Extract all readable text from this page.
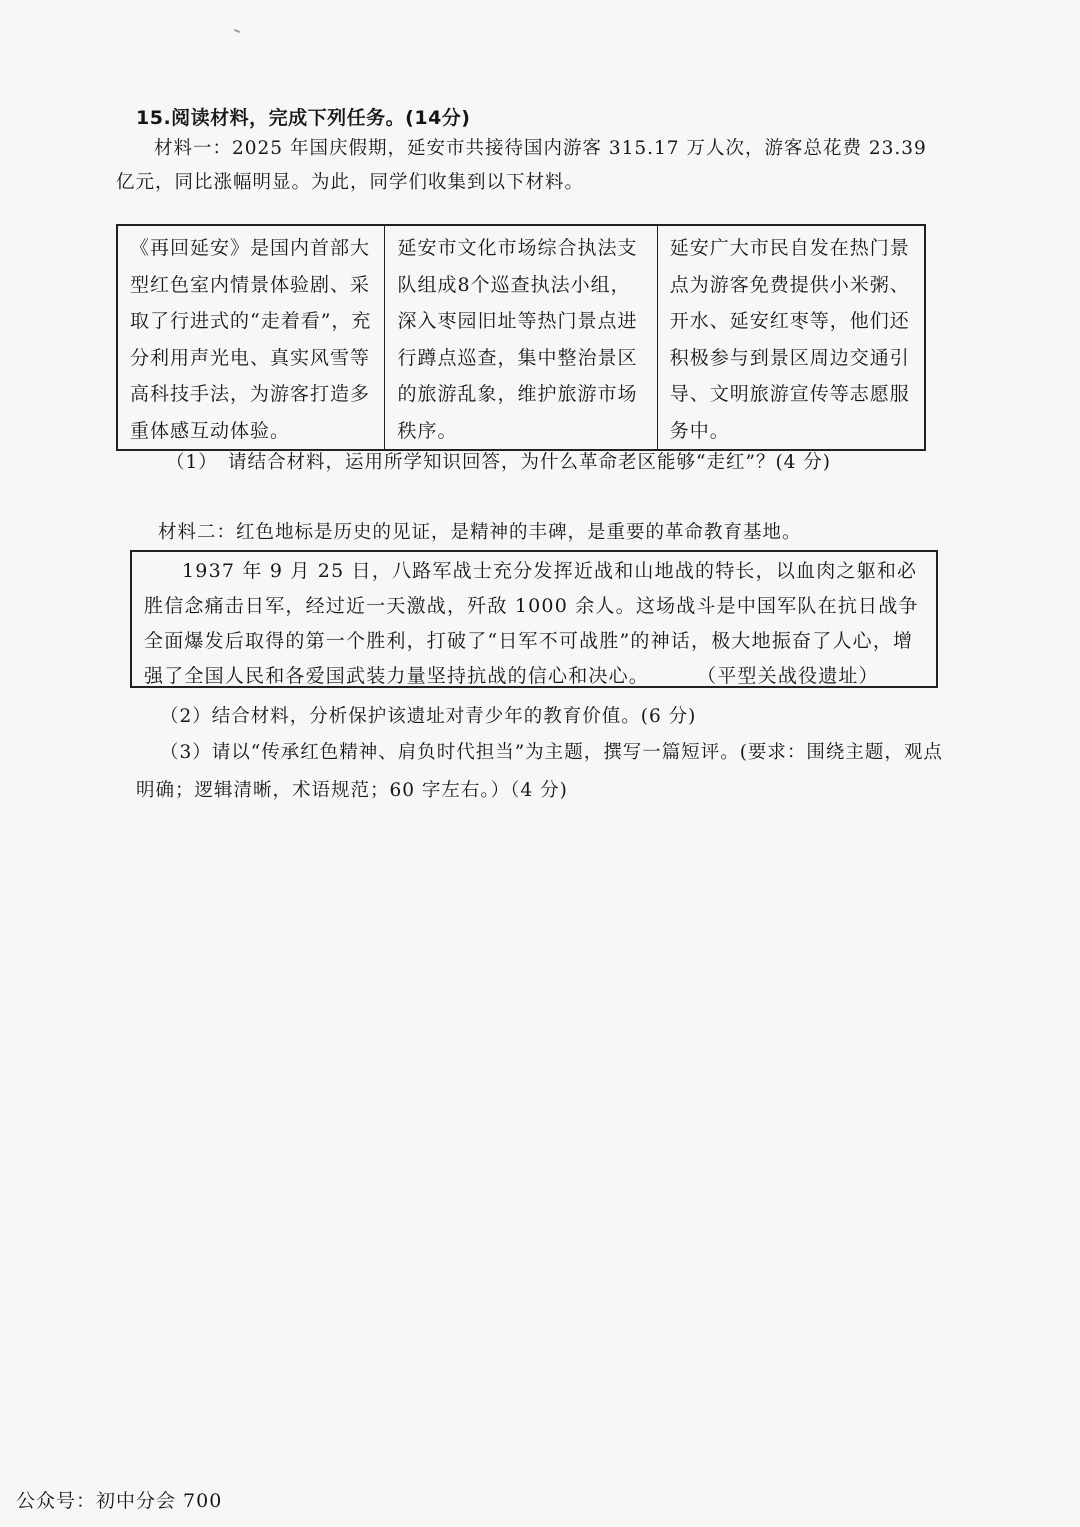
15.阅读材料，完成下列任务。(14分)
材料一：2025 年国庆假期，延安市共接待国内游客 315.17 万人次，游客总花费 23.39 亿元，同比涨幅明显。为此，同学们收集到以下材料。
《再回延安》是国内首部大型红色室内情景体验剧、采取了行进式的“走着看”，充分利用声光电、真实风雪等高科技手法，为游客打造多重体感互动体验。	延安市文化市场综合执法支队组成8个巡查执法小组，深入枣园旧址等热门景点进行蹲点巡查，集中整治景区的旅游乱象，维护旅游市场秩序。	延安广大市民自发在热门景点为游客免费提供小米粥、开水、延安红枣等，他们还积极参与到景区周边交通引导、文明旅游宣传等志愿服务中。
（1）　请结合材料，运用所学知识回答，为什么革命老区能够“走红”？(4 分)
材料二：红色地标是历史的见证，是精神的丰碑，是重要的革命教育基地。
1937 年 9 月 25 日，八路军战士充分发挥近战和山地战的特长，以血肉之躯和必胜信念痛击日军，经过近一天激战，歼敌 1000 余人。这场战斗是中国军队在抗日战争全面爆发后取得的第一个胜利，打破了“日军不可战胜”的神话，极大地振奋了人心，增强了全国人民和各爱国武装力量坚持抗战的信心和决心。	（平型关战役遗址）
（2）结合材料，分析保护该遗址对青少年的教育价值。(6 分)
（3）请以“传承红色精神、肩负时代担当”为主题，撰写一篇短评。(要求：围绕主题，观点明确；逻辑清晰，术语规范；60 字左右。）（4 分)
公众号：初中分会 700
